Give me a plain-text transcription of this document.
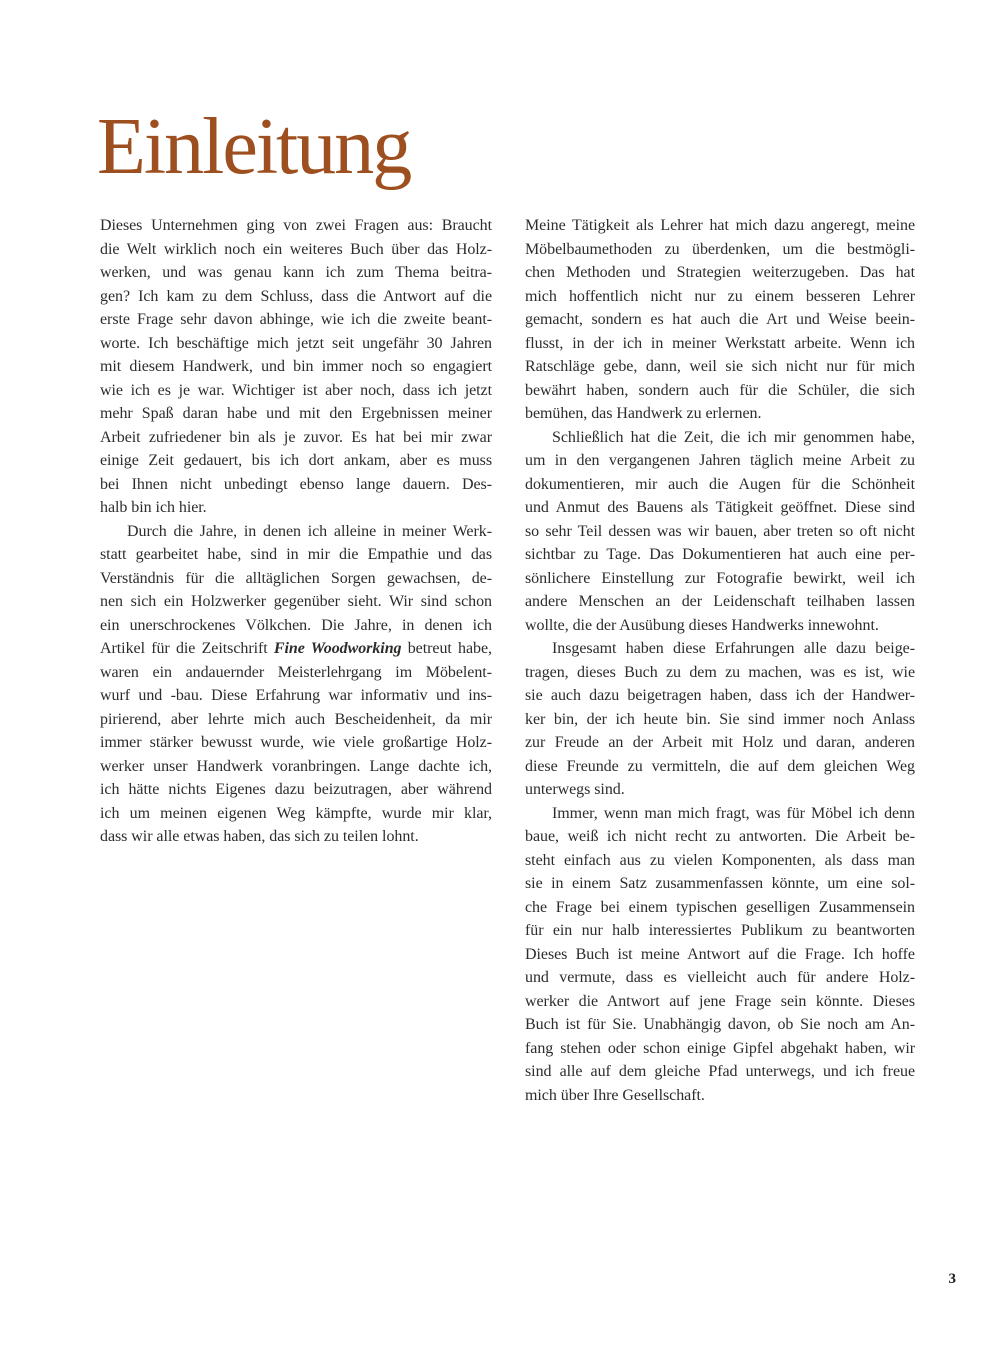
Einleitung
Dieses Unternehmen ging von zwei Fragen aus: Braucht
die Welt wirklich noch ein weiteres Buch über das Holz-
werken, und was genau kann ich zum Thema beitra-
gen? Ich kam zu dem Schluss, dass die Antwort auf die
erste Frage sehr davon abhinge, wie ich die zweite beant-
worte. Ich beschäftige mich jetzt seit ungefähr 30 Jahren
mit diesem Handwerk, und bin immer noch so engagiert
wie ich es je war. Wichtiger ist aber noch, dass ich jetzt
mehr Spaß daran habe und mit den Ergebnissen meiner
Arbeit zufriedener bin als je zuvor. Es hat bei mir zwar
einige Zeit gedauert, bis ich dort ankam, aber es muss
bei Ihnen nicht unbedingt ebenso lange dauern. Des-
halb bin ich hier.
Durch die Jahre, in denen ich alleine in meiner Werk-
statt gearbeitet habe, sind in mir die Empathie und das
Verständnis für die alltäglichen Sorgen gewachsen, de-
nen sich ein Holzwerker gegenüber sieht. Wir sind schon
ein unerschrockenes Völkchen. Die Jahre, in denen ich
Artikel für die Zeitschrift Fine Woodworking betreut habe,
waren ein andauernder Meisterlehrgang im Möbelent-
wurf und -bau. Diese Erfahrung war informativ und ins-
pirierend, aber lehrte mich auch Bescheidenheit, da mir
immer stärker bewusst wurde, wie viele großartige Holz-
werker unser Handwerk voranbringen. Lange dachte ich,
ich hätte nichts Eigenes dazu beizutragen, aber während
ich um meinen eigenen Weg kämpfte, wurde mir klar,
dass wir alle etwas haben, das sich zu teilen lohnt.
Meine Tätigkeit als Lehrer hat mich dazu angeregt, meine
Möbelbaumethoden zu überdenken, um die bestmögli-
chen Methoden und Strategien weiterzugeben. Das hat
mich hoffentlich nicht nur zu einem besseren Lehrer
gemacht, sondern es hat auch die Art und Weise beein-
flusst, in der ich in meiner Werkstatt arbeite. Wenn ich
Ratschläge gebe, dann, weil sie sich nicht nur für mich
bewährt haben, sondern auch für die Schüler, die sich
bemühen, das Handwerk zu erlernen.
Schließlich hat die Zeit, die ich mir genommen habe,
um in den vergangenen Jahren täglich meine Arbeit zu
dokumentieren, mir auch die Augen für die Schönheit
und Anmut des Bauens als Tätigkeit geöffnet. Diese sind
so sehr Teil dessen was wir bauen, aber treten so oft nicht
sichtbar zu Tage. Das Dokumentieren hat auch eine per-
sönlichere Einstellung zur Fotografie bewirkt, weil ich
andere Menschen an der Leidenschaft teilhaben lassen
wollte, die der Ausübung dieses Handwerks innewohnt.
Insgesamt haben diese Erfahrungen alle dazu beige-
tragen, dieses Buch zu dem zu machen, was es ist, wie
sie auch dazu beigetragen haben, dass ich der Handwer-
ker bin, der ich heute bin. Sie sind immer noch Anlass
zur Freude an der Arbeit mit Holz und daran, anderen
diese Freunde zu vermitteln, die auf dem gleichen Weg
unterwegs sind.
Immer, wenn man mich fragt, was für Möbel ich denn
baue, weiß ich nicht recht zu antworten. Die Arbeit be-
steht einfach aus zu vielen Komponenten, als dass man
sie in einem Satz zusammenfassen könnte, um eine sol-
che Frage bei einem typischen geselligen Zusammensein
für ein nur halb interessiertes Publikum zu beantworten
Dieses Buch ist meine Antwort auf die Frage. Ich hoffe
und vermute, dass es vielleicht auch für andere Holz-
werker die Antwort auf jene Frage sein könnte. Dieses
Buch ist für Sie. Unabhängig davon, ob Sie noch am An-
fang stehen oder schon einige Gipfel abgehakt haben, wir
sind alle auf dem gleiche Pfad unterwegs, und ich freue
mich über Ihre Gesellschaft.
3
